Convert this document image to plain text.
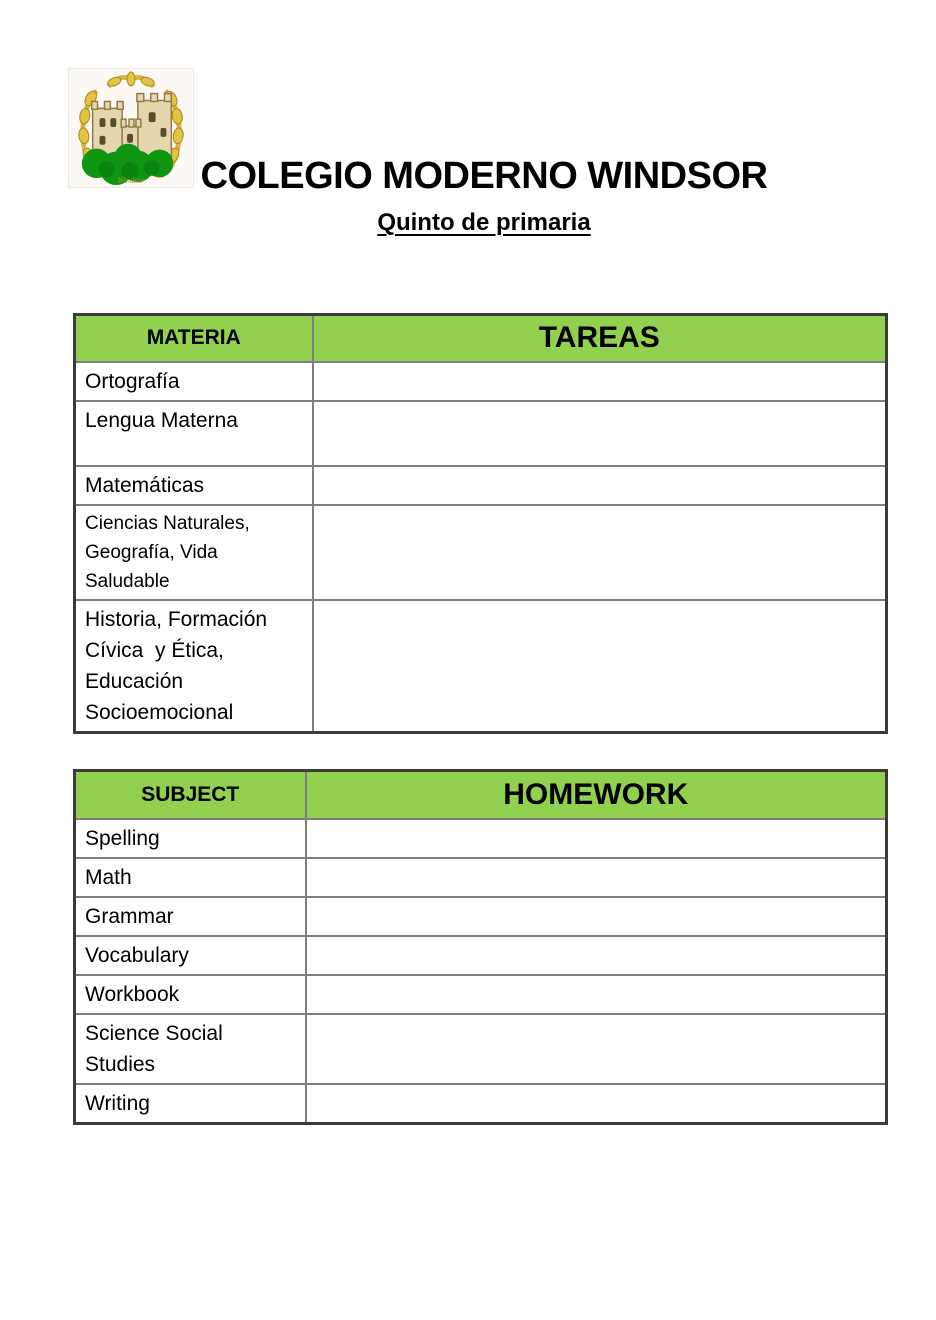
Windsor	COLEGIO MODERNO WINDSOR
Quinto de primaria
MATERIA	TAREAS
Ortografía	
Lengua Materna	
Matemáticas	
Ciencias Naturales, Geografía, Vida Saludable	
Historia, Formación Cívica  y Ética, Educación Socioemocional	
SUBJECT	HOMEWORK
Spelling	
Math	
Grammar	
Vocabulary	
Workbook	
Science Social Studies	
Writing	
